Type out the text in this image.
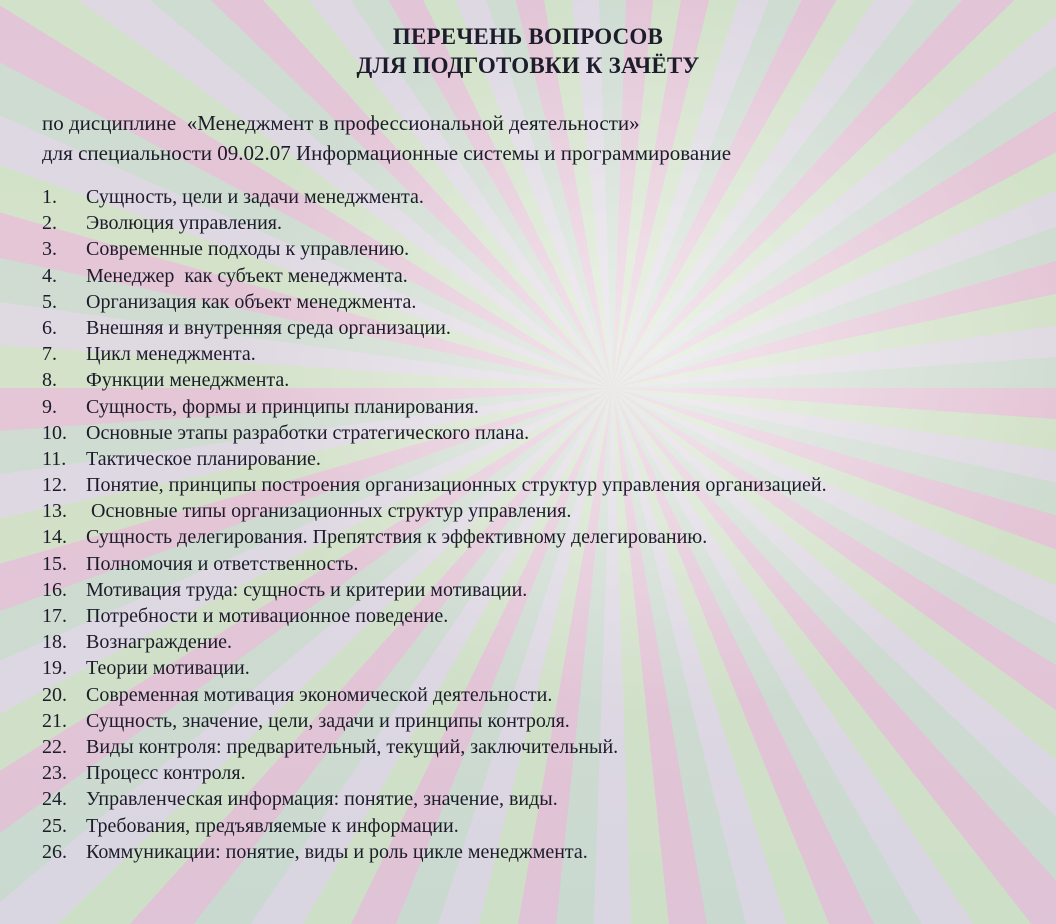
ПЕРЕЧЕНЬ ВОПРОСОВ
ДЛЯ ПОДГОТОВКИ К ЗАЧЁТУ
по дисциплине  «Менеджмент в профессиональной деятельности»
для специальности 09.02.07 Информационные системы и программирование
1.	Сущность, цели и задачи менеджмента.
2.	Эволюция управления.
3.	Современные подходы к управлению.
4.	Менеджер  как субъект менеджмента.
5.	Организация как объект менеджмента.
6.	Внешняя и внутренняя среда организации.
7.	Цикл менеджмента.
8.	Функции менеджмента.
9.	Сущность, формы и принципы планирования.
10. Основные этапы разработки стратегического плана.
11. Тактическое планирование.
12. Понятие, принципы построения организационных структур управления организацией.
13. Основные типы организационных структур управления.
14. Сущность делегирования. Препятствия к эффективному делегированию.
15. Полномочия и ответственность.
16. Мотивация труда: сущность и критерии мотивации.
17. Потребности и мотивационное поведение.
18. Вознаграждение.
19. Теории мотивации.
20. Современная мотивация экономической деятельности.
21. Сущность, значение, цели, задачи и принципы контроля.
22. Виды контроля: предварительный, текущий, заключительный.
23. Процесс контроля.
24. Управленческая информация: понятие, значение, виды.
25. Требования, предъявляемые к информации.
26. Коммуникации: понятие, виды и роль цикле менеджмента.
